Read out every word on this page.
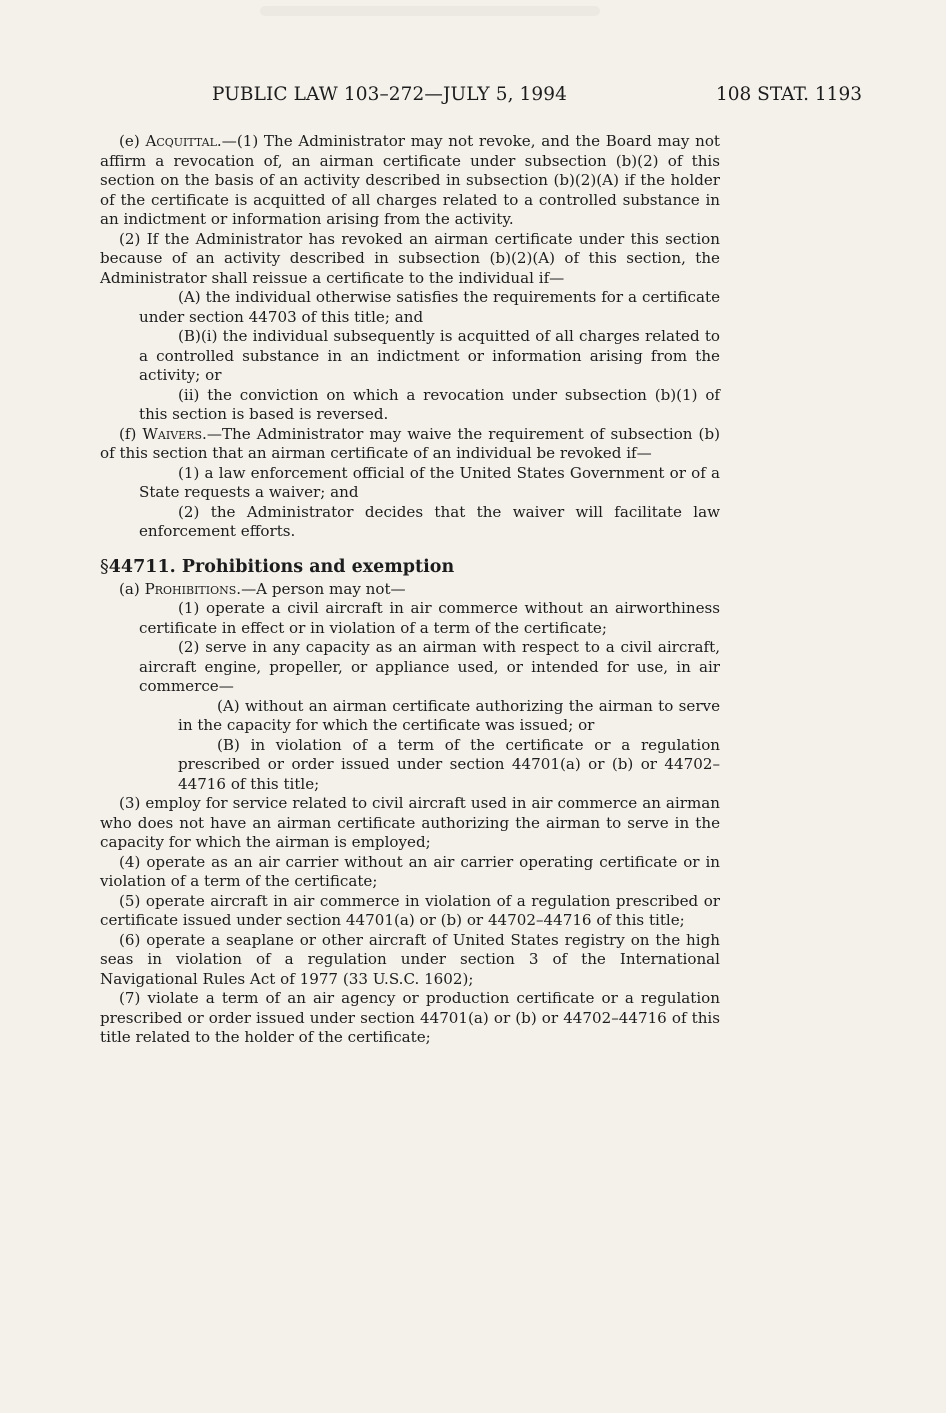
PUBLIC LAW 103–272—JULY 5, 1994	108 STAT. 1193

(e) Acquittal.—(1) The Administrator may not revoke, and the Board may not affirm a revocation of, an airman certificate under subsection (b)(2) of this section on the basis of an activity described in subsection (b)(2)(A) if the holder of the certificate is acquitted of all charges related to a controlled substance in an indictment or information arising from the activity.

(2) If the Administrator has revoked an airman certificate under this section because of an activity described in subsection (b)(2)(A) of this section, the Administrator shall reissue a certificate to the individual if—

(A) the individual otherwise satisfies the requirements for a certificate under section 44703 of this title; and

(B)(i) the individual subsequently is acquitted of all charges related to a controlled substance in an indictment or information arising from the activity; or

(ii) the conviction on which a revocation under subsection (b)(1) of this section is based is reversed.

(f) Waivers.—The Administrator may waive the requirement of subsection (b) of this section that an airman certificate of an individual be revoked if—

(1) a law enforcement official of the United States Government or of a State requests a waiver; and

(2) the Administrator decides that the waiver will facilitate law enforcement efforts.

§44711. Prohibitions and exemption

(a) Prohibitions.—A person may not—

(1) operate a civil aircraft in air commerce without an airworthiness certificate in effect or in violation of a term of the certificate;

(2) serve in any capacity as an airman with respect to a civil aircraft, aircraft engine, propeller, or appliance used, or intended for use, in air commerce—

(A) without an airman certificate authorizing the airman to serve in the capacity for which the certificate was issued; or

(B) in violation of a term of the certificate or a regulation prescribed or order issued under section 44701(a) or (b) or 44702–44716 of this title;

(3) employ for service related to civil aircraft used in air commerce an airman who does not have an airman certificate authorizing the airman to serve in the capacity for which the airman is employed;

(4) operate as an air carrier without an air carrier operating certificate or in violation of a term of the certificate;

(5) operate aircraft in air commerce in violation of a regulation prescribed or certificate issued under section 44701(a) or (b) or 44702–44716 of this title;

(6) operate a seaplane or other aircraft of United States registry on the high seas in violation of a regulation under section 3 of the International Navigational Rules Act of 1977 (33 U.S.C. 1602);

(7) violate a term of an air agency or production certificate or a regulation prescribed or order issued under section 44701(a) or (b) or 44702–44716 of this title related to the holder of the certificate;
